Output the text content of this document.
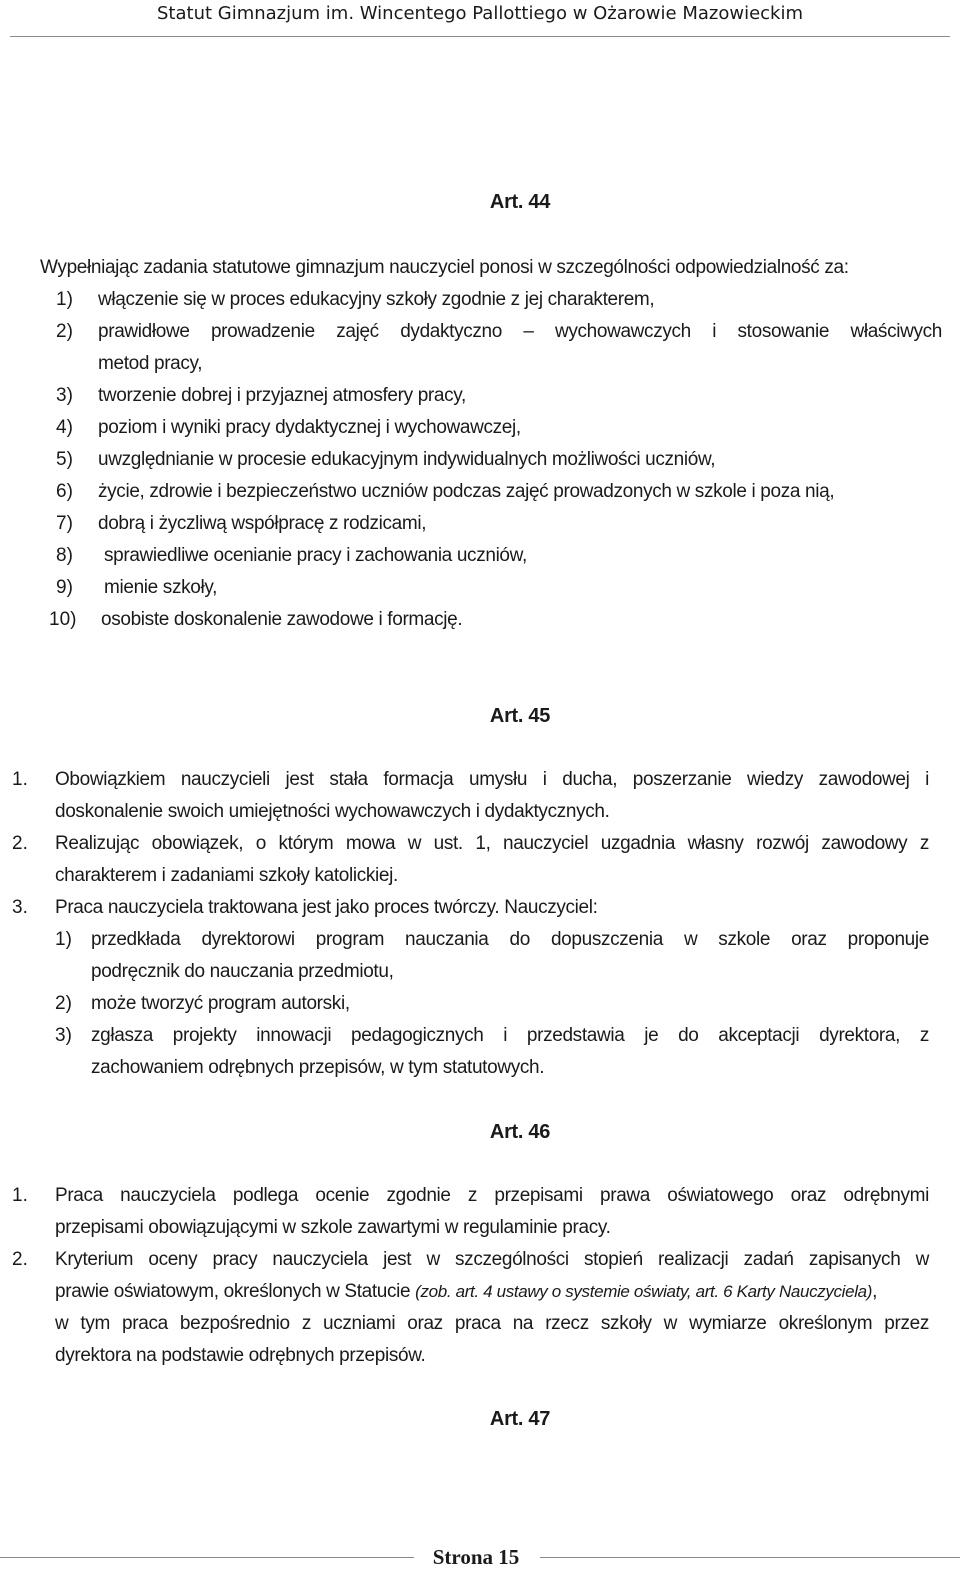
Statut Gimnazjum im. Wincentego Pallottiego w Ożarowie Mazowieckim
Art. 44
Wypełniając zadania statutowe gimnazjum nauczyciel ponosi w szczególności odpowiedzialność za:
1) włączenie się w proces edukacyjny szkoły zgodnie z jej charakterem,
2) prawidłowe prowadzenie zajęć dydaktyczno – wychowawczych i stosowanie właściwych
metod pracy,
3) tworzenie dobrej i przyjaznej atmosfery pracy,
4) poziom i wyniki pracy dydaktycznej i wychowawczej,
5) uwzględnianie w procesie edukacyjnym indywidualnych możliwości uczniów,
6) życie, zdrowie i bezpieczeństwo uczniów podczas zajęć prowadzonych w szkole i poza nią,
7) dobrą i życzliwą współpracę z rodzicami,
8) sprawiedliwe ocenianie pracy i zachowania uczniów,
9) mienie szkoły,
10) osobiste doskonalenie zawodowe i formację.
Art. 45
1. Obowiązkiem nauczycieli jest stała formacja umysłu i ducha, poszerzanie wiedzy zawodowej i
doskonalenie swoich umiejętności wychowawczych i dydaktycznych.
2. Realizując obowiązek, o którym mowa w ust. 1, nauczyciel uzgadnia własny rozwój zawodowy z
charakterem i zadaniami szkoły katolickiej.
3. Praca nauczyciela traktowana jest jako proces twórczy. Nauczyciel:
1) przedkłada dyrektorowi program nauczania do dopuszczenia w szkole oraz proponuje
podręcznik do nauczania przedmiotu,
2) może tworzyć program autorski,
3) zgłasza projekty innowacji pedagogicznych i przedstawia je do akceptacji dyrektora, z
zachowaniem odrębnych przepisów, w tym statutowych.
Art. 46
1. Praca nauczyciela podlega ocenie zgodnie z przepisami prawa oświatowego oraz odrębnymi
przepisami obowiązującymi w szkole zawartymi w regulaminie pracy.
2. Kryterium oceny pracy nauczyciela jest w szczególności stopień realizacji zadań zapisanych w
prawie oświatowym, określonych w Statucie (zob. art. 4 ustawy o systemie oświaty, art. 6 Karty Nauczyciela),
w tym praca bezpośrednio z uczniami oraz praca na rzecz szkoły w wymiarze określonym przez
dyrektora na podstawie odrębnych przepisów.
Art. 47
Strona 15
